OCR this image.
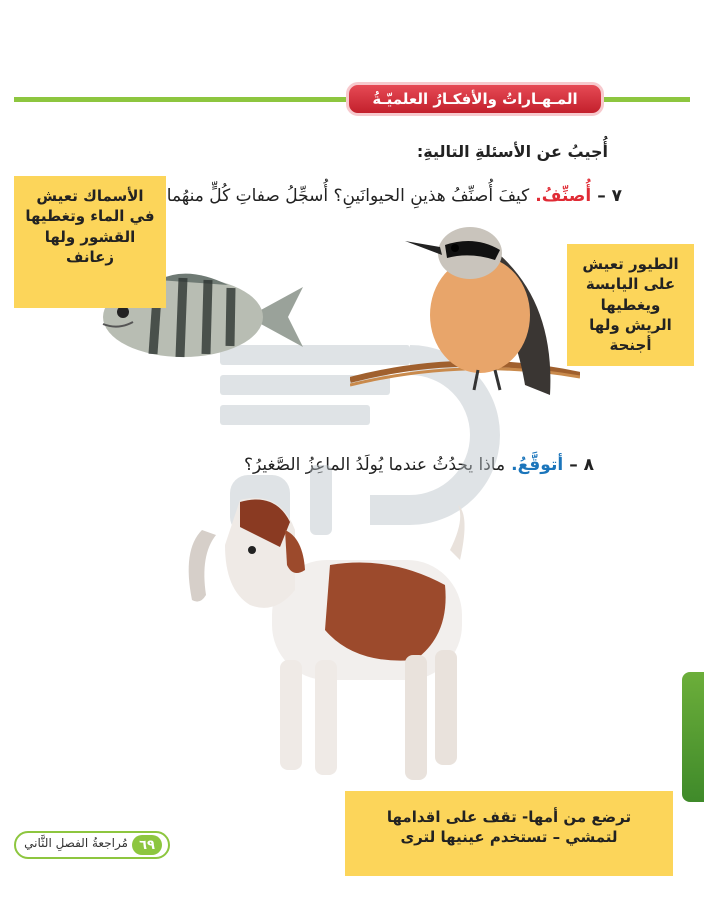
المـهـاراتُ والأفكـارُ العلميّـةُ
أُجيبُ عن الأسئلةِ التاليةِ:
٧ –
أُصنِّفُ.
كيفَ أُصنِّفُ هذينِ الحيوانَينِ؟ أُسجِّلُ صفاتِ كُلٍّ منهُما
٨ –
أتوقَّعُ.
ماذا يحدُثُ عندما يُولَدُ الماعِزُ الصَّغيرُ؟
الأسماك تعيش في الماء وتغطيها القشور ولها زعانف	الطيور تعيش على اليابسة ويغطيها الريش ولها أجنحة
ترضع من أمها- تقف على اقدامها لتمشي – تستخدم عينيها لترى
٦٩
مُراجعةُ الفصلِ الثَّاني
